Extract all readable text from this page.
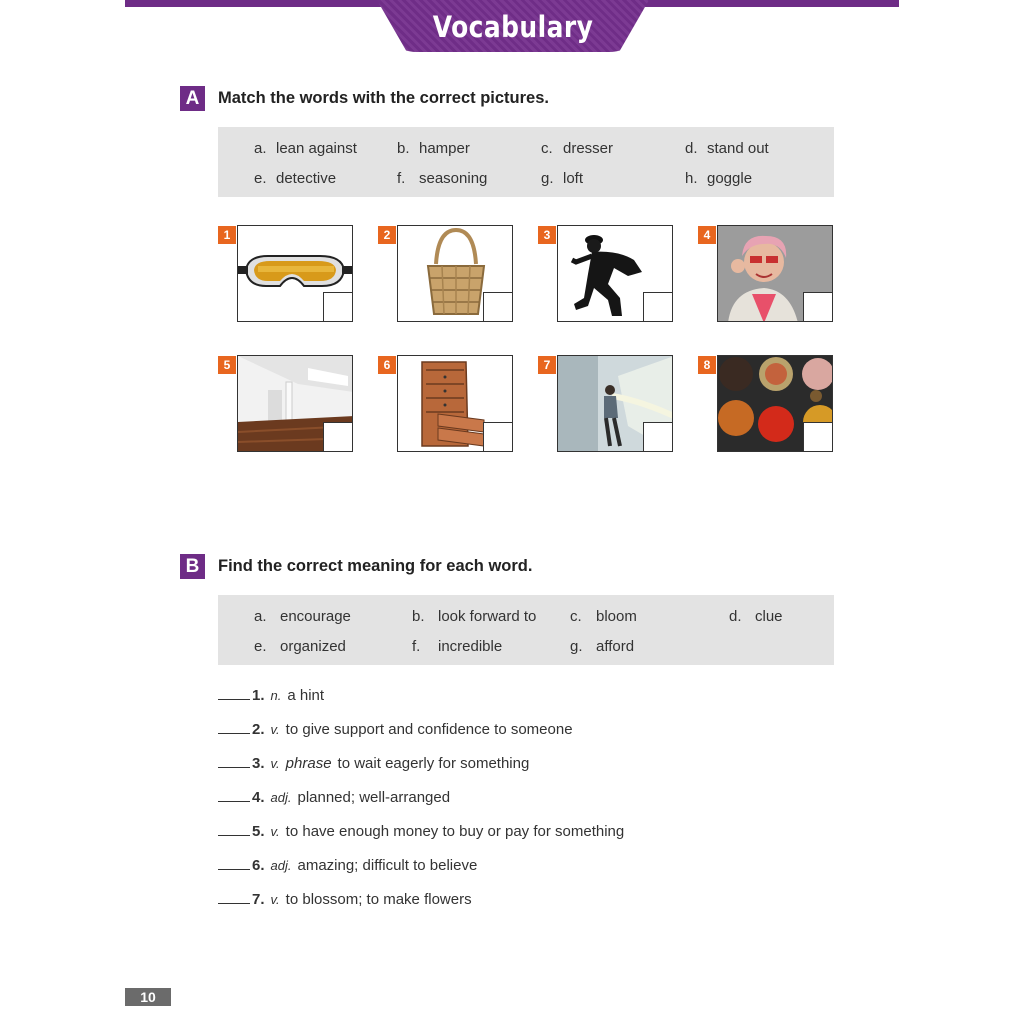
Vocabulary
A	Match the words with the correct pictures.
a. lean against	b. hamper	c. dresser	d. stand out
e. detective	f. seasoning	g. loft	h. goggle
1	2	3	4
5	6	7	8
B	Find the correct meaning for each word.
a. encourage	b. look forward to c. bloom	d. clue
e. organized	f. incredible	g. afford
1. n. a hint
2. v. to give support and confidence to someone
3. v. phrase to wait eagerly for something
4. adj. planned; well-arranged
5. v. to have enough money to buy or pay for something
6. adj. amazing; difficult to believe
7. v. to blossom; to make flowers
10
